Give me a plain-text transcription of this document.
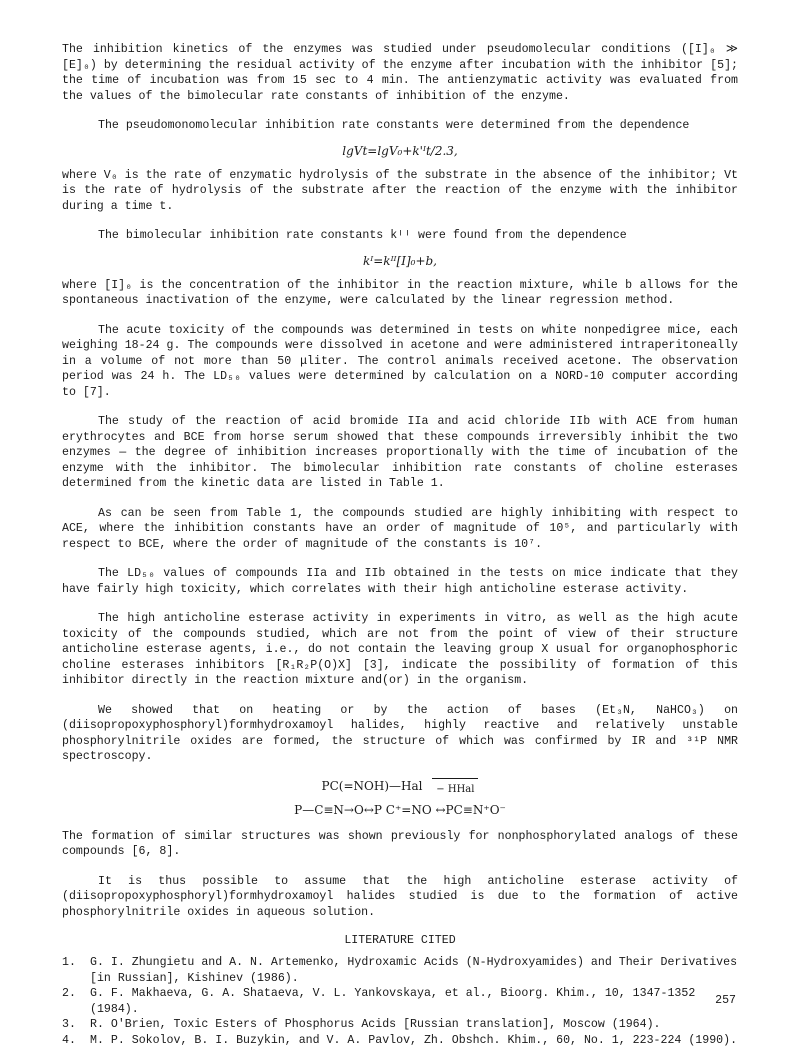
The inhibition kinetics of the enzymes was studied under pseudomolecular conditions ([I]₀ ≫ [E]₀) by determining the residual activity of the enzyme after incubation with the inhibitor [5]; the time of incubation was from 15 sec to 4 min. The antienzymatic activity was evaluated from the values of the bimolecular rate constants of inhibition of the enzyme.

The pseudomonomolecular inhibition rate constants were determined from the dependence

lgVt=lgV₀+k'ᴵt/2.3,

where V₀ is the rate of enzymatic hydrolysis of the substrate in the absence of the inhibitor; Vt is the rate of hydrolysis of the substrate after the reaction of the enzyme with the inhibitor during a time t.

The bimolecular inhibition rate constants kᴵᴵ were found from the dependence

kᴵ=kᴵᴵ[I]₀+b,

where [I]₀ is the concentration of the inhibitor in the reaction mixture, while b allows for the spontaneous inactivation of the enzyme, were calculated by the linear regression method.

The acute toxicity of the compounds was determined in tests on white nonpedigree mice, each weighing 18-24 g. The compounds were dissolved in acetone and were administered intraperitoneally in a volume of not more than 50 μliter. The control animals received acetone. The observation period was 24 h. The LD₅₀ values were determined by calculation on a NORD-10 computer according to [7].

The study of the reaction of acid bromide IIa and acid chloride IIb with ACE from human erythrocytes and BCE from horse serum showed that these compounds irreversibly inhibit the two enzymes — the degree of inhibition increases proportionally with the time of incubation of the enzyme with the inhibitor. The bimolecular inhibition rate constants of choline esterases determined from the kinetic data are listed in Table 1.

As can be seen from Table 1, the compounds studied are highly inhibiting with respect to ACE, where the inhibition constants have an order of magnitude of 10⁵, and particularly with respect to BCE, where the order of magnitude of the constants is 10⁷.

The LD₅₀ values of compounds IIa and IIb obtained in the tests on mice indicate that they have fairly high toxicity, which correlates with their high anticholine esterase activity.

The high anticholine esterase activity in experiments in vitro, as well as the high acute toxicity of the compounds studied, which are not from the point of view of their structure anticholine esterase agents, i.e., do not contain the leaving group X usual for organophosphoric choline esterases inhibitors [R₁R₂P(O)X] [3], indicate the possibility of formation of this inhibitor directly in the reaction mixture and(or) in the organism.

We showed that on heating or by the action of bases (Et₃N, NaHCO₃) on (diisopropoxyphosphoryl)formhydroxamoyl halides, highly reactive and relatively unstable phosphorylnitrile oxides are formed, the structure of which was confirmed by IR and ³¹P NMR spectroscopy.

PC(=NOH)—Hal − HHal
P—C≡N→O↔P C⁺=NO ↔PC≡N⁺O⁻

The formation of similar structures was shown previously for nonphosphorylated analogs of these compounds [6, 8].

It is thus possible to assume that the high anticholine esterase activity of (diisopropoxyphosphoryl)formhydroxamoyl halides studied is due to the formation of active phosphorylnitrile oxides in aqueous solution.

LITERATURE CITED
1. G. I. Zhungietu and A. N. Artemenko, Hydroxamic Acids (N-Hydroxyamides) and Their Derivatives [in Russian], Kishinev (1986).
2. G. F. Makhaeva, G. A. Shataeva, V. L. Yankovskaya, et al., Bioorg. Khim., 10, 1347-1352 (1984).
3. R. O'Brien, Toxic Esters of Phosphorus Acids [Russian translation], Moscow (1964).
4. M. P. Sokolov, B. I. Buzykin, and V. A. Pavlov, Zh. Obshch. Khim., 60, No. 1, 223-224 (1990).
257
